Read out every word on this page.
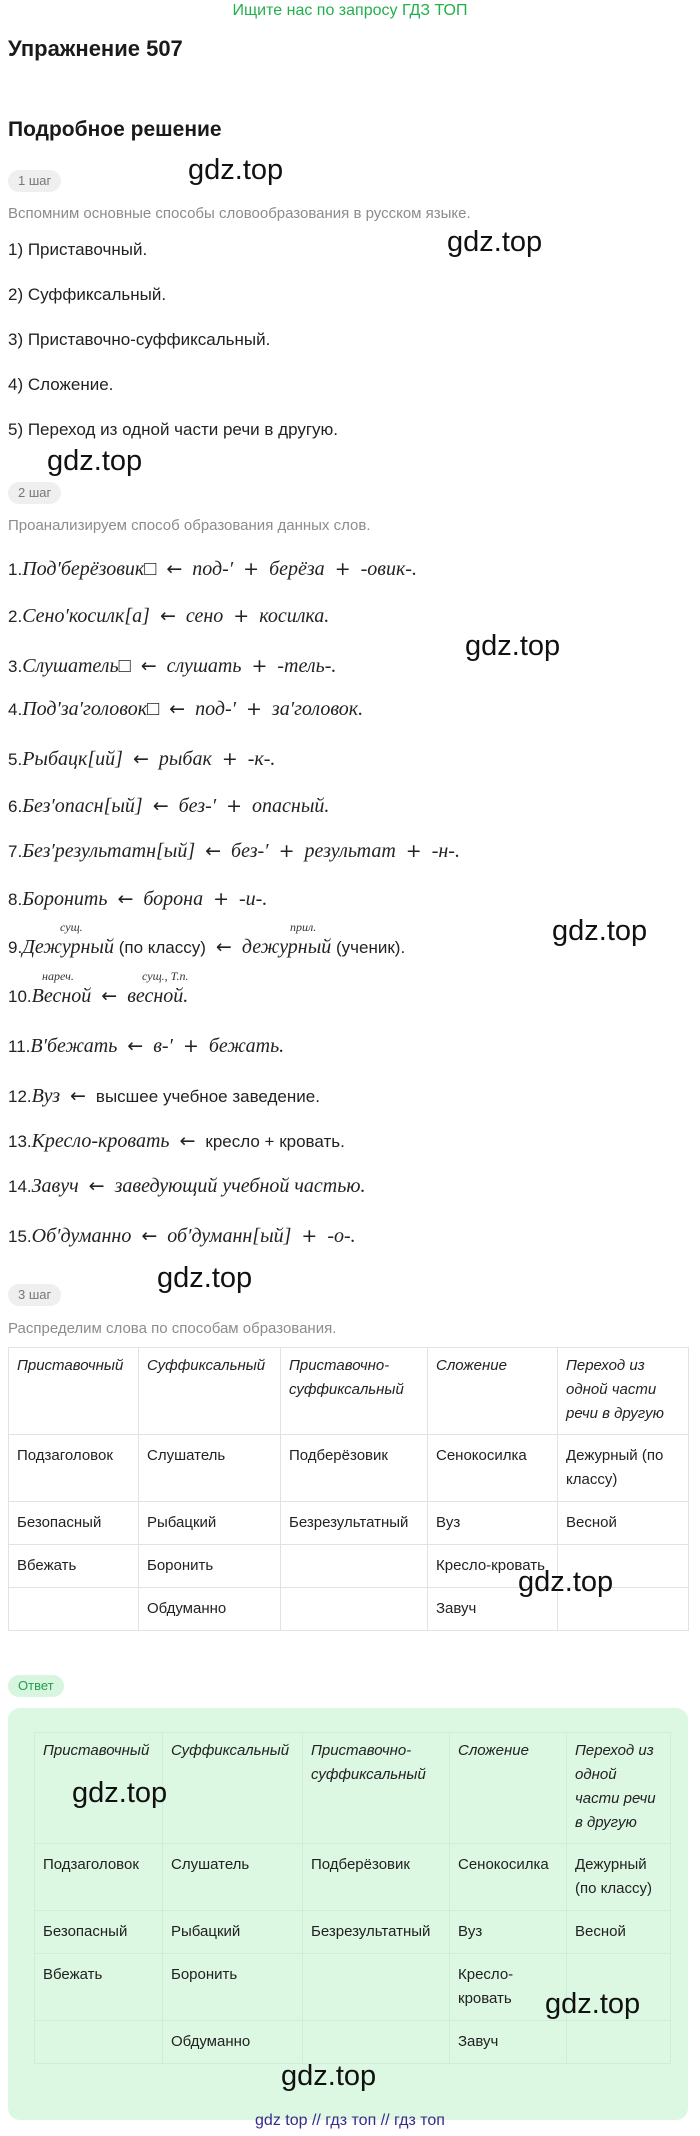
Ищите нас по запросу ГДЗ ТОП
Упражнение 507
Подробное решение
1 шаг
Вспомним основные способы словообразования в русском языке.
1) Приставочный.
2) Суффиксальный.
3) Приставочно-суффиксальный.
4) Сложение.
5) Переход из одной части речи в другую.
2 шаг
Проанализируем способ образования данных слов.
1.Под′берёзовик□ ← под-′ + берёза + -овик-.
2.Сено′косилк[а] ← сено + косилка.
3.Слушатель□ ← слушать + -тель-.
4.Под′за′головок□ ← под-′ + за′головок.
5.Рыбацк[ий] ← рыбак + -к-.
6.Без′опасн[ый] ← без-′ + опасный.
7.Без′результатн[ый] ← без-′ + результат + -н-.
8.Боронить ← борона + -и-.
9.Дежурный (по классу) ← дежурный (ученик).
сущ.	прил.
10.Весной ← весной.
нареч.	сущ., Т.п.
11.В′бежать ← в-′ + бежать.
12.Вуз ← высшее учебное заведение.
13.Кресло-кровать ← кресло + кровать.
14.Завуч ← заведующий учебной частью.
15.Об′думанно ← об′думанн[ый] + -о-.
3 шаг
Распределим слова по способам образования.
Приставочный	Суффиксальный	Приставочно-суффиксальный	Сложение	Переход из одной части речи в другую
Подзаголовок	Слушатель	Подберёзовик	Сенокосилка	Дежурный (по классу)
Безопасный	Рыбацкий	Безрезультатный	Вуз	Весной
Вбежать	Боронить		Кресло-кровать	
	Обдуманно		Завуч	
Ответ
Приставочный	Суффиксальный	Приставочно-суффиксальный	Сложение	Переход из одной части речи в другую
Подзаголовок	Слушатель	Подберёзовик	Сенокосилка	Дежурный (по классу)
Безопасный	Рыбацкий	Безрезультатный	Вуз	Весной
Вбежать	Боронить		Кресло-кровать	
	Обдуманно		Завуч	
gdz.top
gdz.top
gdz.top
gdz.top
gdz.top
gdz.top
gdz.top
gdz.top
gdz.top
gdz.top
gdz top // гдз топ // гдз топ
